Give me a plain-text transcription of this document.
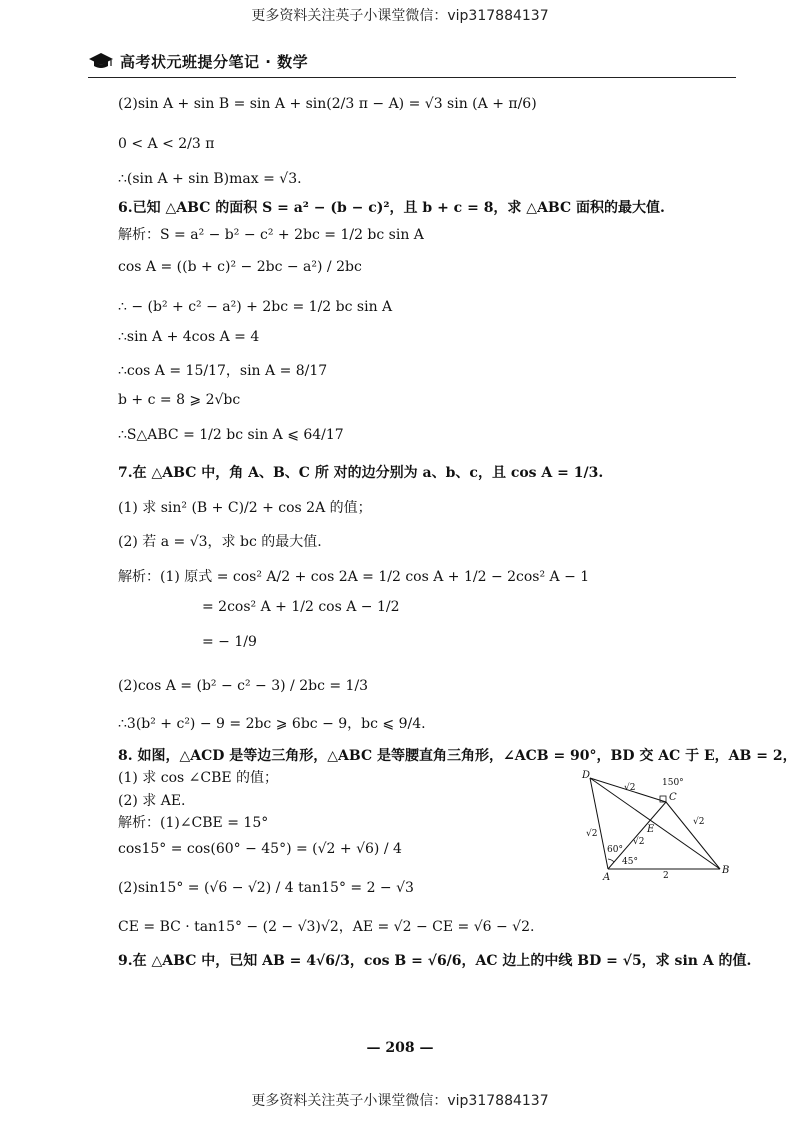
更多资料关注英子小课堂微信：vip317884137
高考状元班提分笔记 · 数学
(2)sin A + sin B = sin A + sin(2/3 π − A) = √3 sin (A + π/6)
0 < A < 2/3 π
∴(sin A + sin B)max = √3.
6.已知 △ABC 的面积 S = a² − (b − c)²，且 b + c = 8，求 △ABC 面积的最大值.
解析：S = a² − b² − c² + 2bc = 1/2 bc sin A
cos A = ((b + c)² − 2bc − a²) / 2bc
∴ − (b² + c² − a²) + 2bc = 1/2 bc sin A
∴sin A + 4cos A = 4
∴cos A = 15/17，sin A = 8/17
b + c = 8 ⩾ 2√bc
∴S△ABC = 1/2 bc sin A ⩽ 64/17
7.在 △ABC 中，角 A、B、C 所 对的边分别为 a、b、c，且 cos A = 1/3.
(1) 求 sin² (B + C)/2 + cos 2A 的值；
(2) 若 a = √3，求 bc 的最大值.
解析：(1) 原式 = cos² A/2 + cos 2A = 1/2 cos A + 1/2 − 2cos² A − 1
= 2cos² A + 1/2 cos A − 1/2
= − 1/9
(2)cos A = (b² − c² − 3) / 2bc = 1/3
∴3(b² + c²) − 9 = 2bc ⩾ 6bc − 9，bc ⩽ 9/4.
8. 如图，△ACD 是等边三角形，△ABC 是等腰直角三角形，∠ACB = 90°，BD 交 AC 于 E，AB = 2，
(1) 求 cos ∠CBE 的值；
(2) 求 AE.
解析：(1)∠CBE = 15°
cos15° = cos(60° − 45°) = (√2 + √6) / 4
(2)sin15° = (√6 − √2) / 4 tan15° = 2 − √3
CE = BC · tan15° − (2 − √3)√2，AE = √2 − CE = √6 − √2.
9.在 △ABC 中，已知 AB = 4√6/3，cos B = √6/6，AC 边上的中线 BD = √5，求 sin A 的值.
D
C
E
A
B
√2
√2
√2
√2
2
150°
60°
45°
— 208 —
更多资料关注英子小课堂微信：vip317884137
